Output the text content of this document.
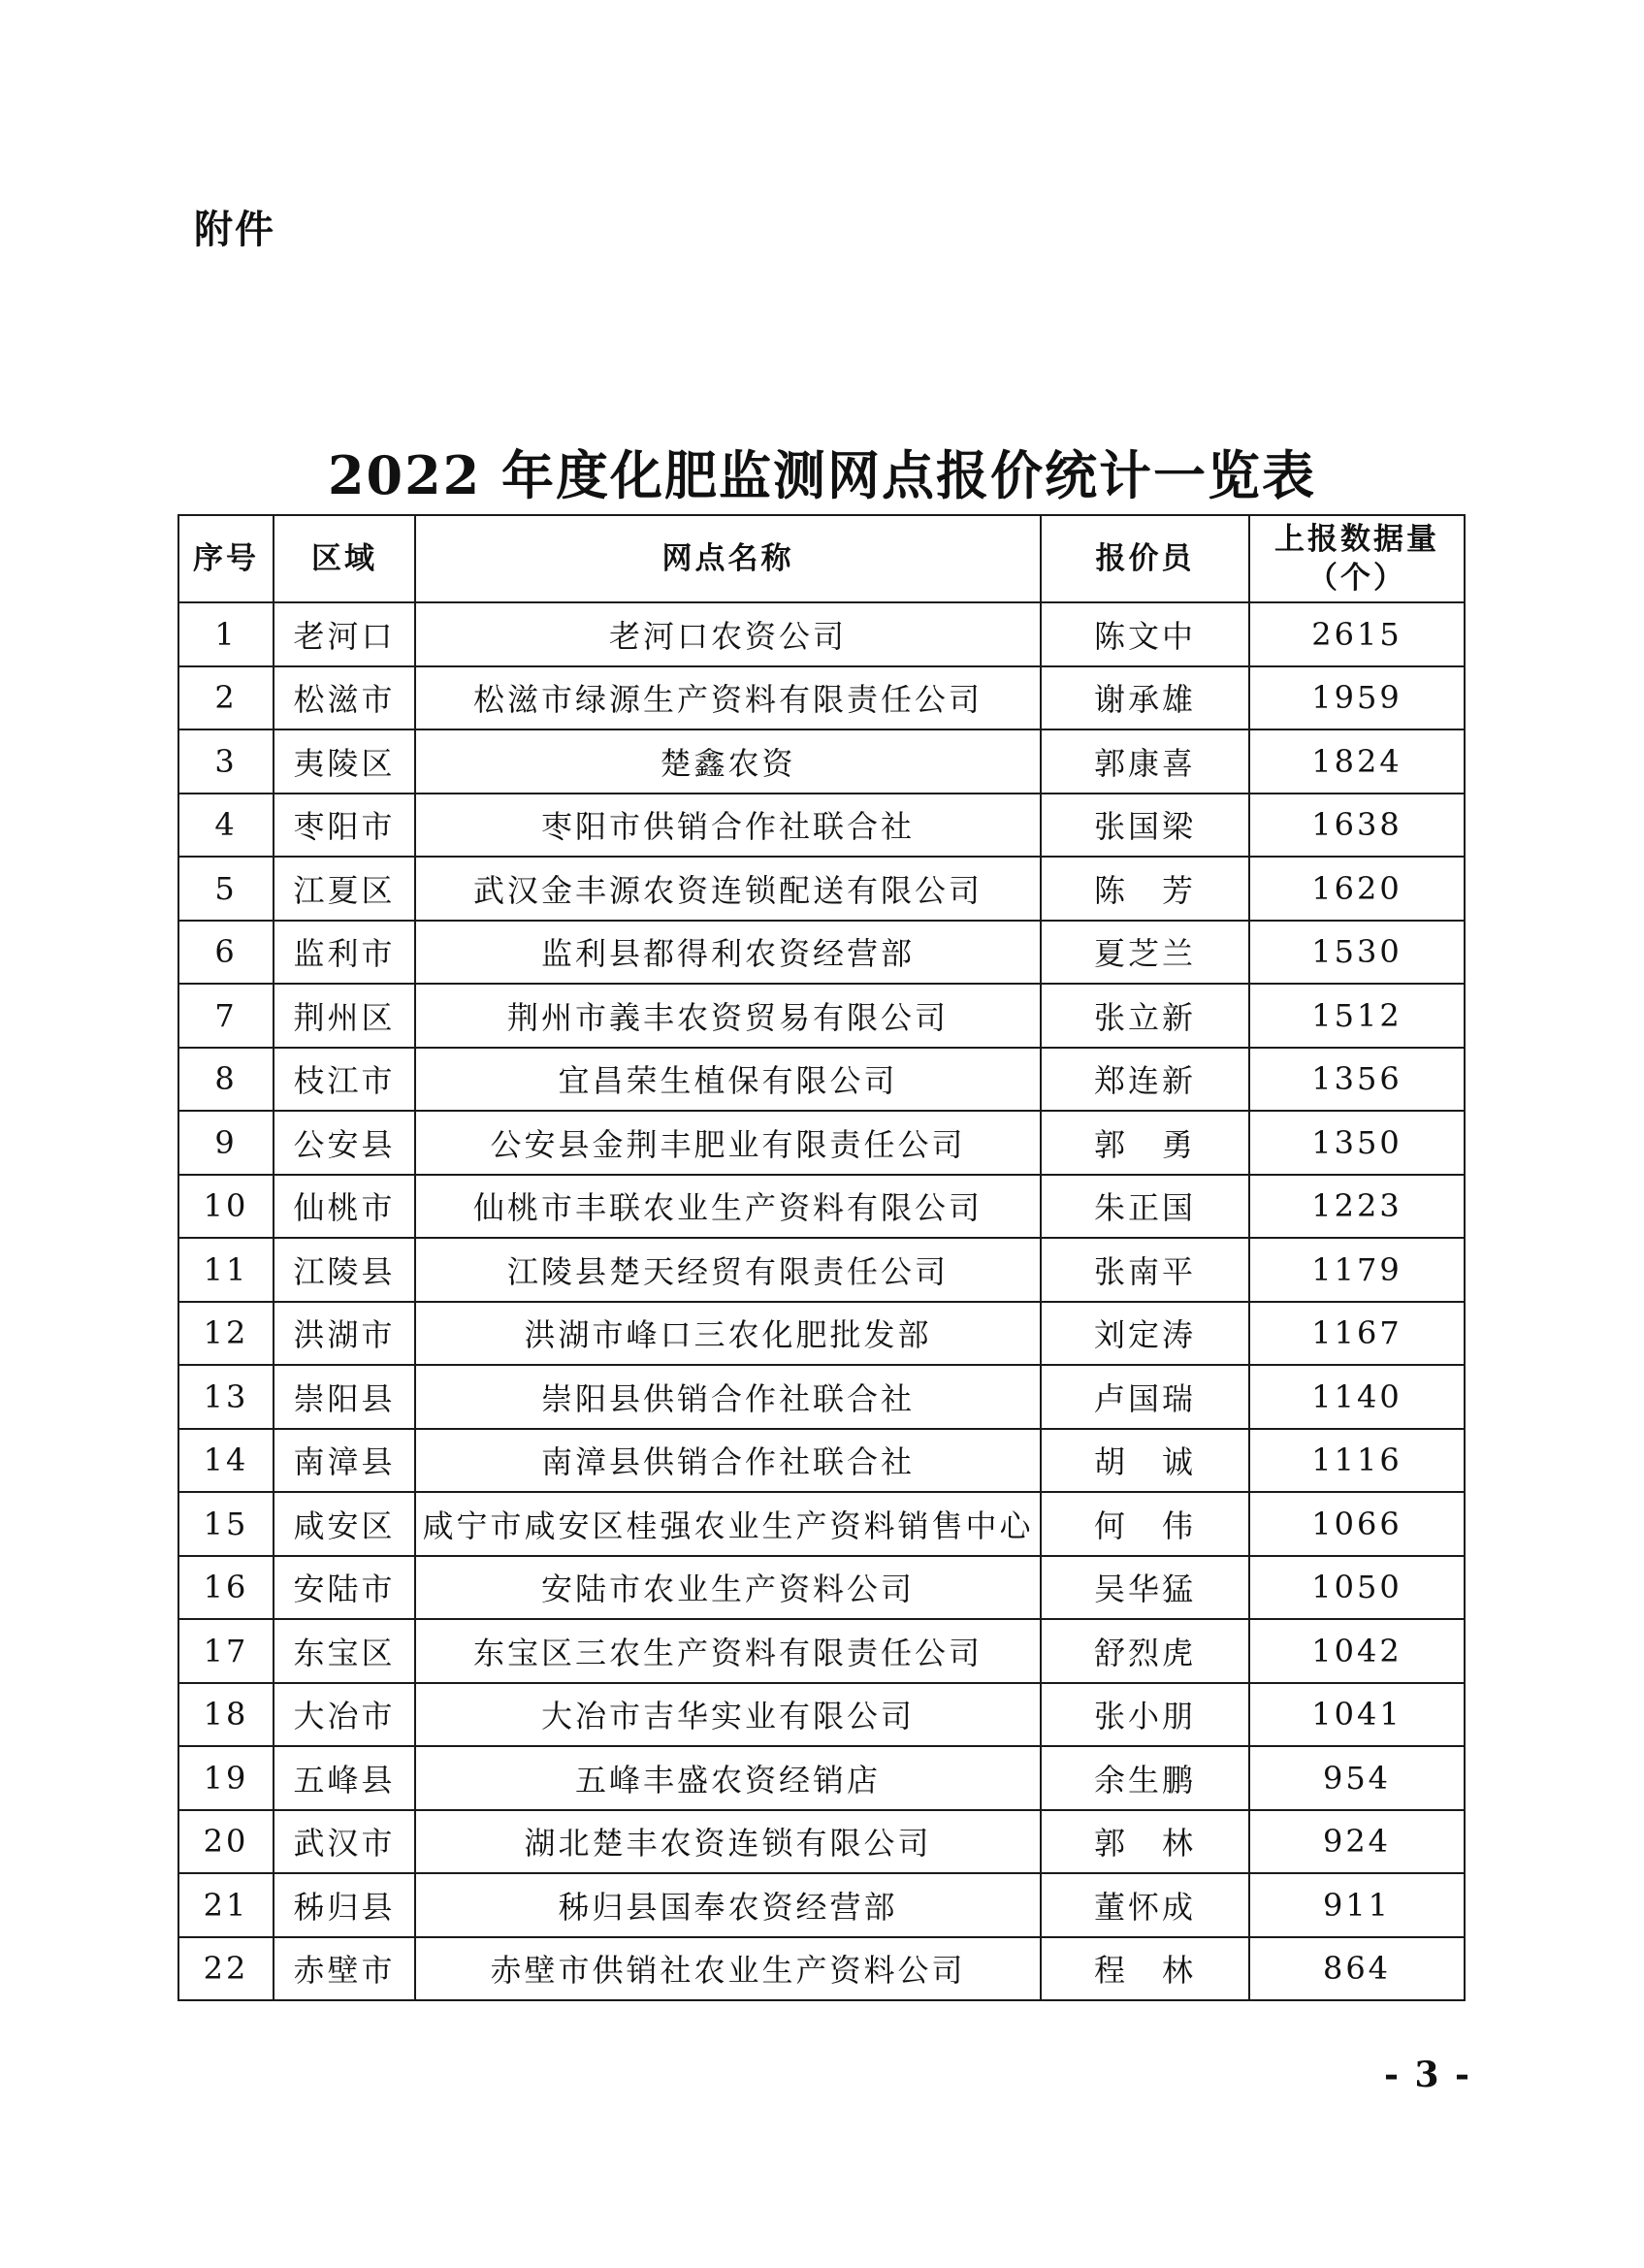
附件
2022 年度化肥监测网点报价统计一览表
序号	区域	网点名称	报价员	上报数据量
（个）

1	老河口	老河口农资公司	陈文中	2615
2	松滋市	松滋市绿源生产资料有限责任公司	谢承雄	1959
3	夷陵区	楚鑫农资	郭康喜	1824
4	枣阳市	枣阳市供销合作社联合社	张国梁	1638
5	江夏区	武汉金丰源农资连锁配送有限公司	陈　芳	1620
6	监利市	监利县都得利农资经营部	夏芝兰	1530
7	荆州区	荆州市義丰农资贸易有限公司	张立新	1512
8	枝江市	宜昌荣生植保有限公司	郑连新	1356
9	公安县	公安县金荆丰肥业有限责任公司	郭　勇	1350
10	仙桃市	仙桃市丰联农业生产资料有限公司	朱正国	1223
11	江陵县	江陵县楚天经贸有限责任公司	张南平	1179
12	洪湖市	洪湖市峰口三农化肥批发部	刘定涛	1167
13	崇阳县	崇阳县供销合作社联合社	卢国瑞	1140
14	南漳县	南漳县供销合作社联合社	胡　诚	1116
15	咸安区	咸宁市咸安区桂强农业生产资料销售中心	何　伟	1066
16	安陆市	安陆市农业生产资料公司	吴华猛	1050
17	东宝区	东宝区三农生产资料有限责任公司	舒烈虎	1042
18	大冶市	大冶市吉华实业有限公司	张小朋	1041
19	五峰县	五峰丰盛农资经销店	余生鹏	954
20	武汉市	湖北楚丰农资连锁有限公司	郭　林	924
21	秭归县	秭归县国奉农资经营部	董怀成	911
22	赤壁市	赤壁市供销社农业生产资料公司	程　林	864
- 3 -
